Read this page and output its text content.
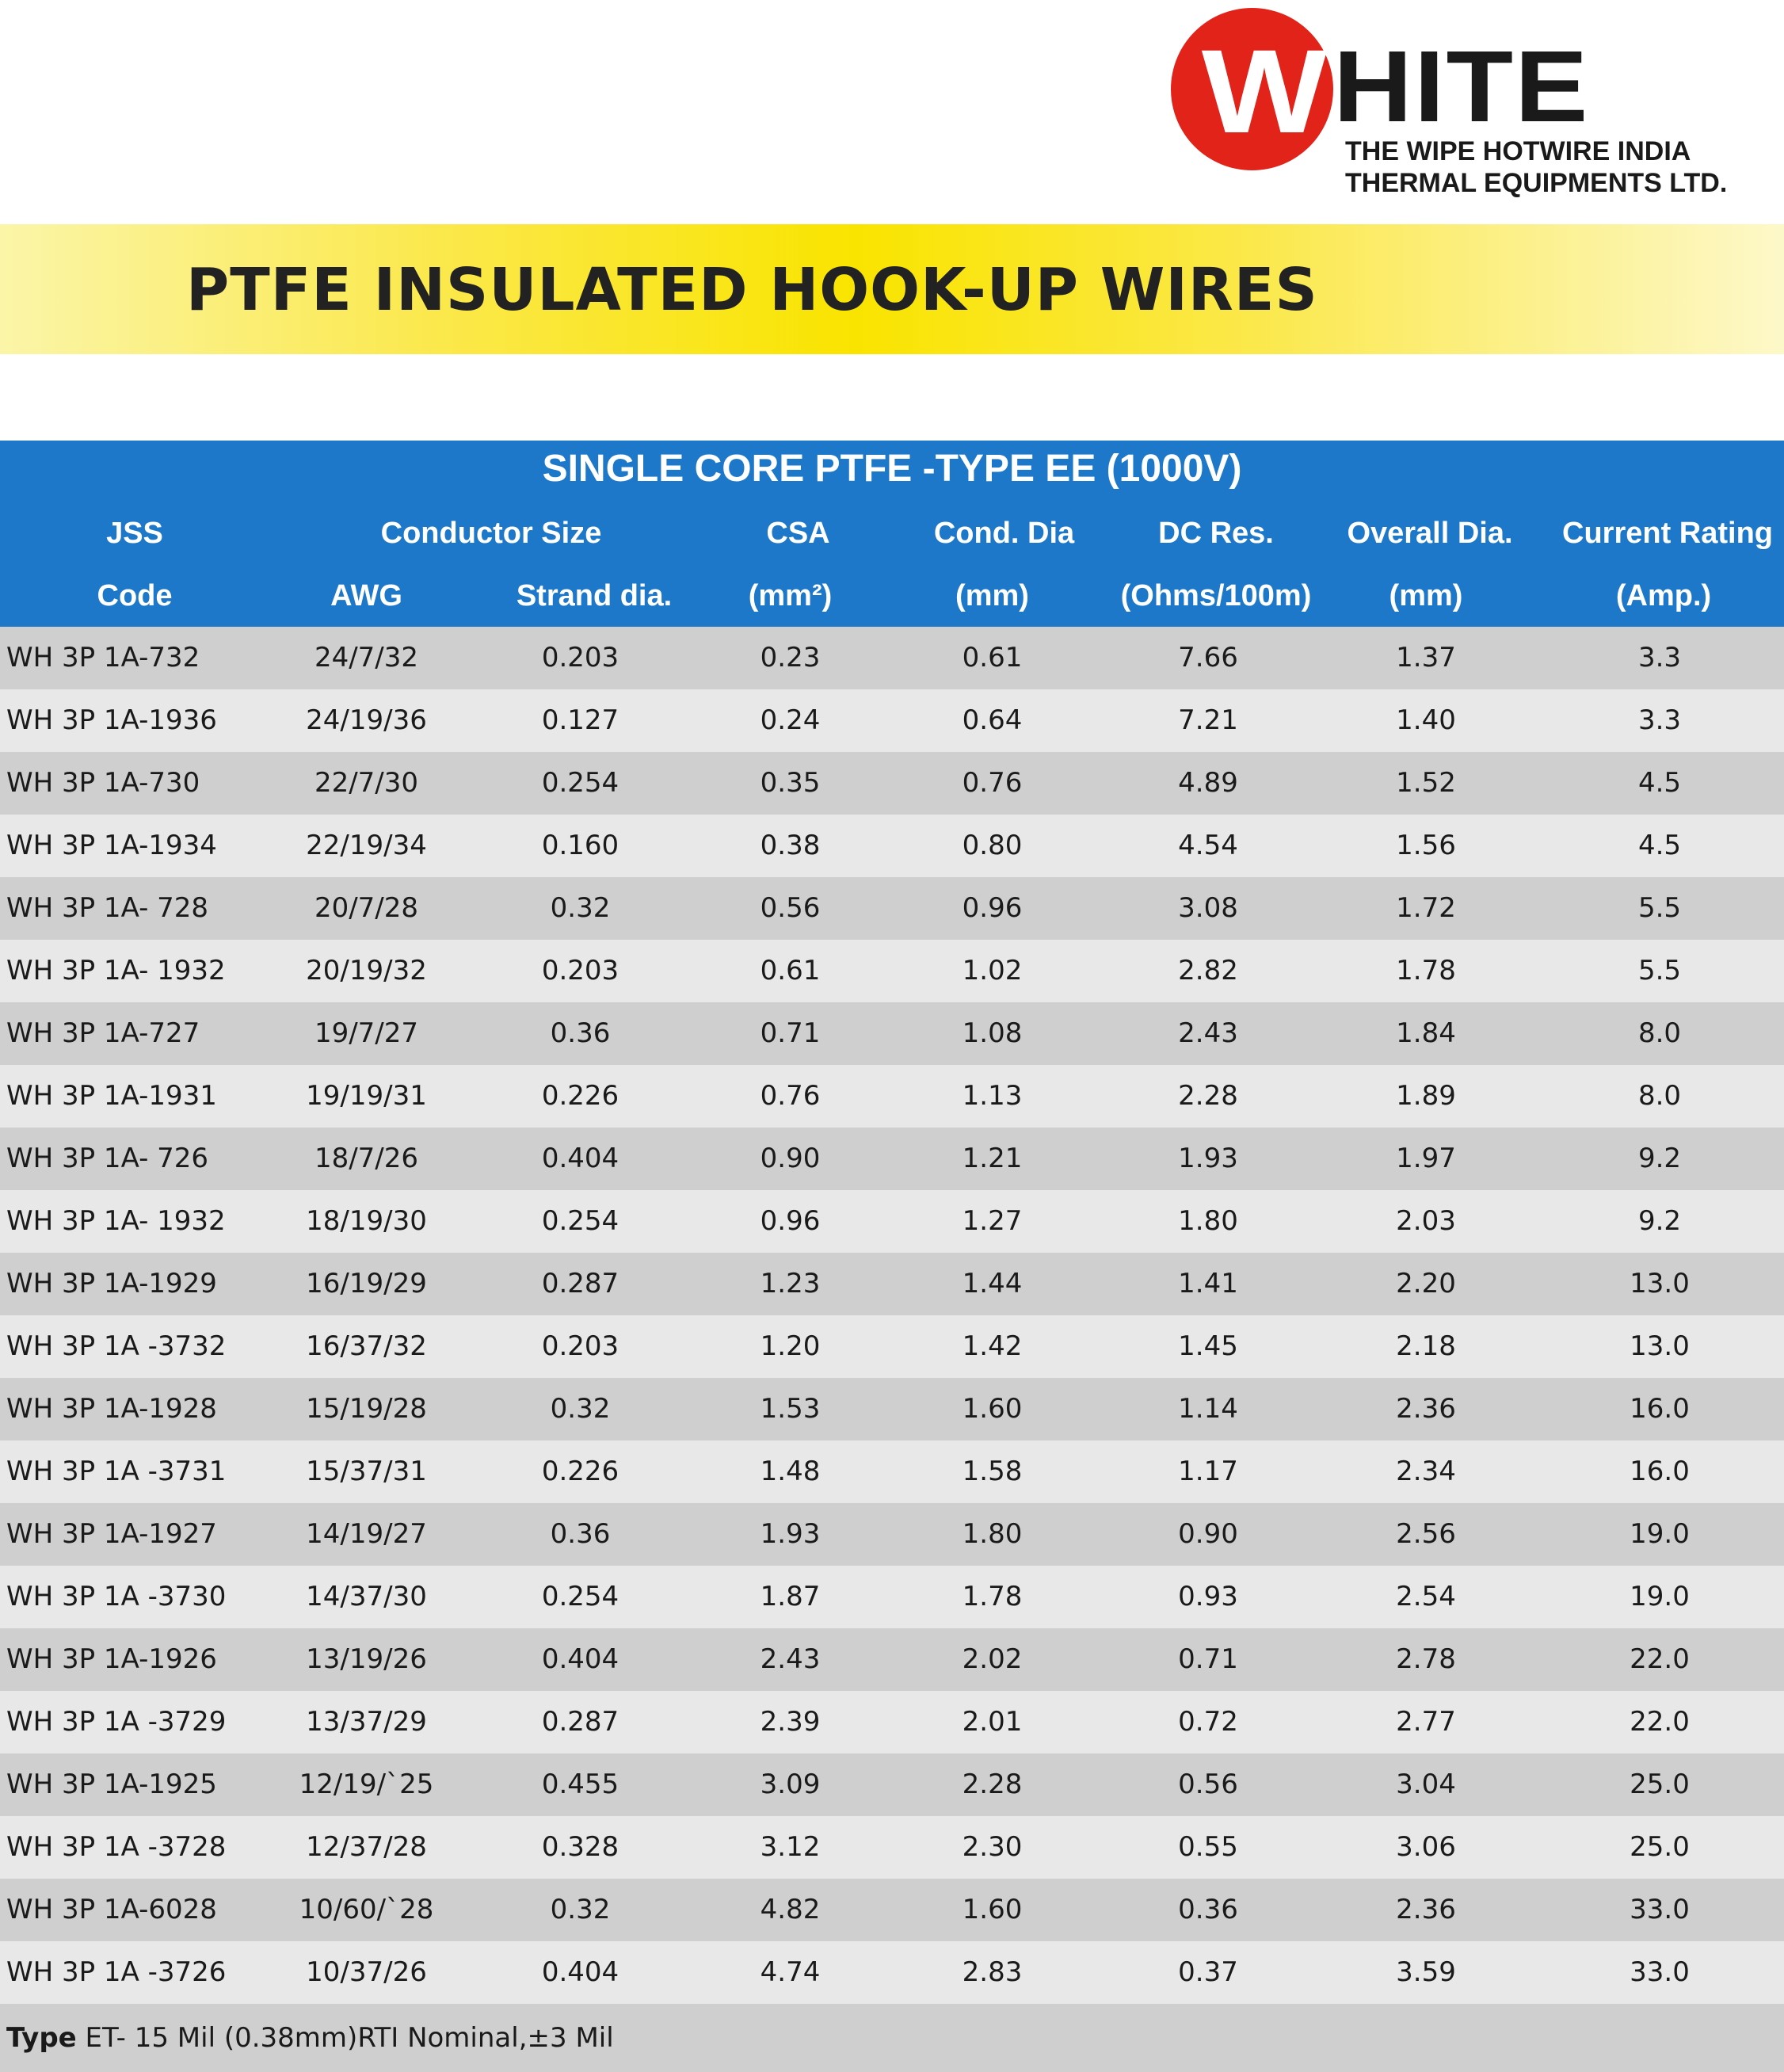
W HITE
THE WIPE HOTWIRE INDIA
THERMAL EQUIPMENTS LTD.
PTFE INSULATED HOOK-UP WIRES
SINGLE CORE PTFE -TYPE EE (1000V)
JSS	Conductor Size	CSA	Cond. Dia	DC Res.	Overall Dia.	Current Rating
Code	AWG	Strand dia.	(mm²)	(mm)	(Ohms/100m)	(mm)	(Amp.)
WH 3P 1A-732	24/7/32	0.203	0.23	0.61	7.66	1.37	3.3
WH 3P 1A-1936	24/19/36	0.127	0.24	0.64	7.21	1.40	3.3
WH 3P 1A-730	22/7/30	0.254	0.35	0.76	4.89	1.52	4.5
WH 3P 1A-1934	22/19/34	0.160	0.38	0.80	4.54	1.56	4.5
WH 3P 1A- 728	20/7/28	0.32	0.56	0.96	3.08	1.72	5.5
WH 3P 1A- 1932	20/19/32	0.203	0.61	1.02	2.82	1.78	5.5
WH 3P 1A-727	19/7/27	0.36	0.71	1.08	2.43	1.84	8.0
WH 3P 1A-1931	19/19/31	0.226	0.76	1.13	2.28	1.89	8.0
WH 3P 1A- 726	18/7/26	0.404	0.90	1.21	1.93	1.97	9.2
WH 3P 1A- 1932	18/19/30	0.254	0.96	1.27	1.80	2.03	9.2
WH 3P 1A-1929	16/19/29	0.287	1.23	1.44	1.41	2.20	13.0
WH 3P 1A -3732	16/37/32	0.203	1.20	1.42	1.45	2.18	13.0
WH 3P 1A-1928	15/19/28	0.32	1.53	1.60	1.14	2.36	16.0
WH 3P 1A -3731	15/37/31	0.226	1.48	1.58	1.17	2.34	16.0
WH 3P 1A-1927	14/19/27	0.36	1.93	1.80	0.90	2.56	19.0
WH 3P 1A -3730	14/37/30	0.254	1.87	1.78	0.93	2.54	19.0
WH 3P 1A-1926	13/19/26	0.404	2.43	2.02	0.71	2.78	22.0
WH 3P 1A -3729	13/37/29	0.287	2.39	2.01	0.72	2.77	22.0
WH 3P 1A-1925	12/19/`25	0.455	3.09	2.28	0.56	3.04	25.0
WH 3P 1A -3728	12/37/28	0.328	3.12	2.30	0.55	3.06	25.0
WH 3P 1A-6028	10/60/`28	0.32	4.82	1.60	0.36	2.36	33.0
WH 3P 1A -3726	10/37/26	0.404	4.74	2.83	0.37	3.59	33.0
Type ET- 15 Mil (0.38mm)RTI Nominal,±3 Mil
